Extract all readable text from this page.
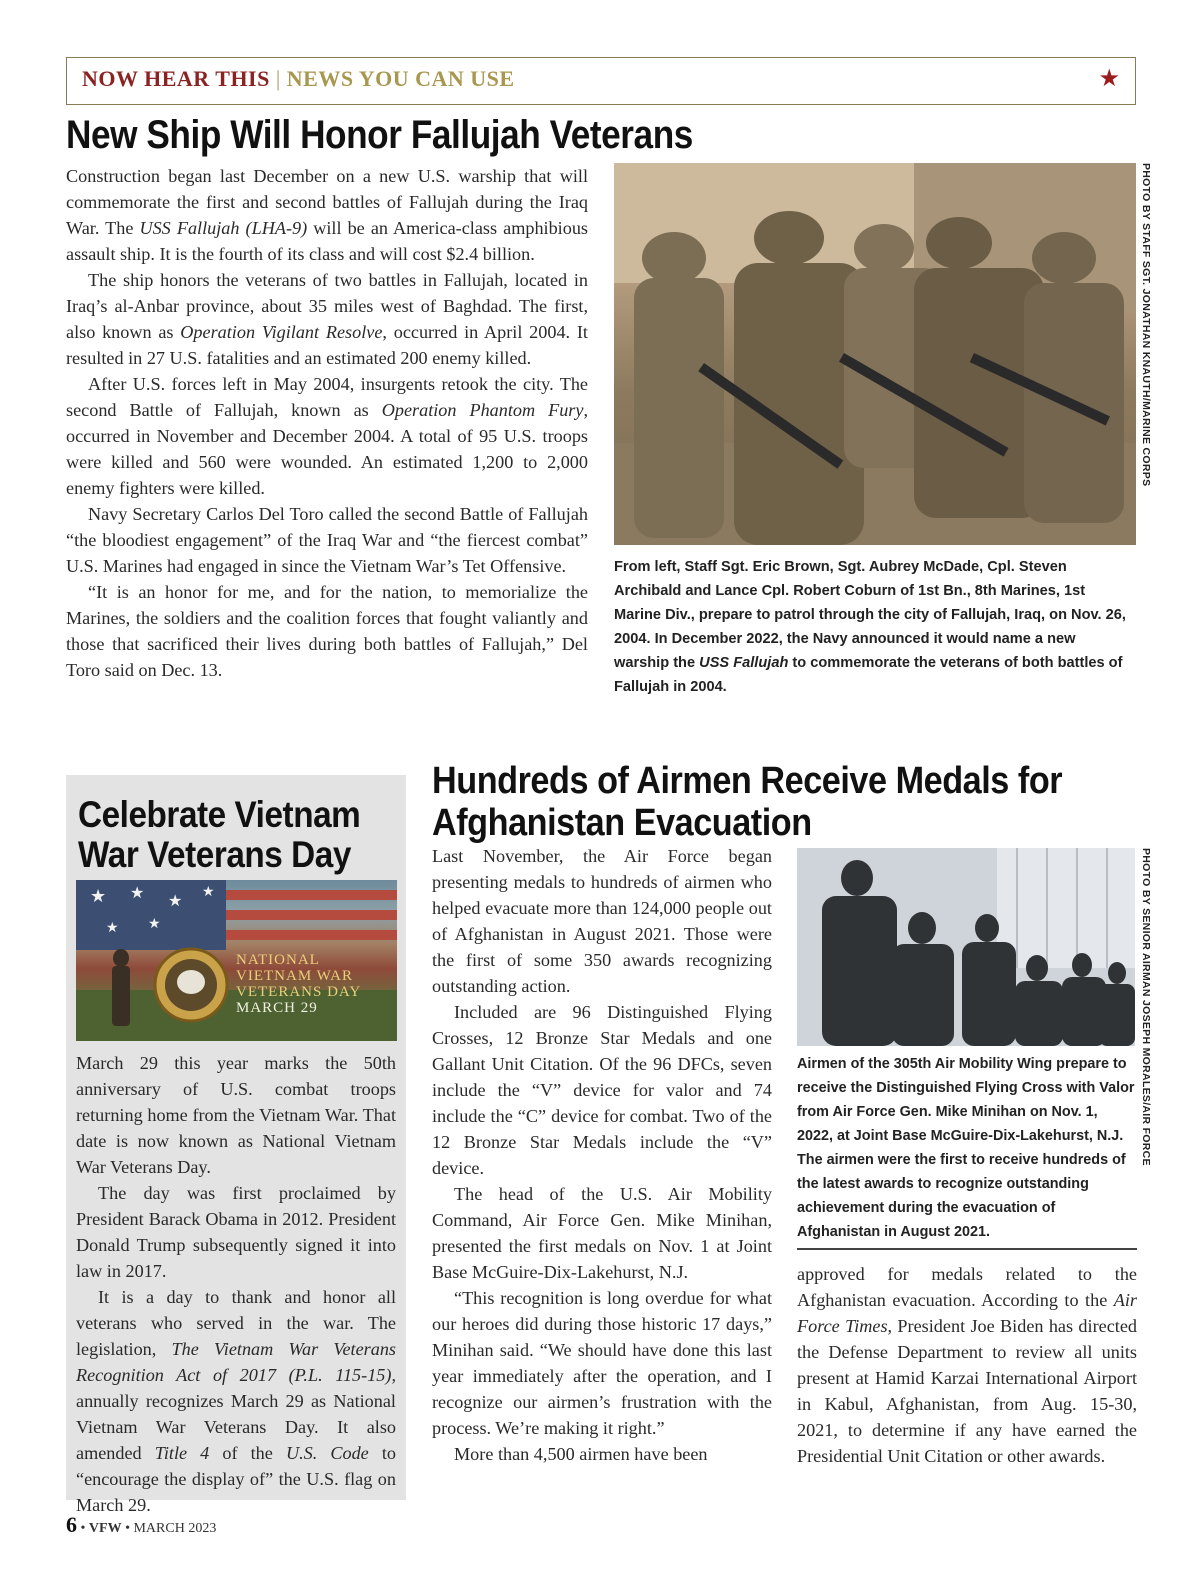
NOW HEAR THIS | NEWS YOU CAN USE	★
New Ship Will Honor Fallujah Veterans

Construction began last December on a new U.S. warship that will commemorate the first and second battles of Fallujah during the Iraq War. The USS Fallujah (LHA-9) will be an America-class amphibious assault ship. It is the fourth of its class and will cost $2.4 billion.

The ship honors the veterans of two battles in Fallujah, located in Iraq’s al-Anbar province, about 35 miles west of Baghdad. The first, also known as Operation Vigilant Resolve, occurred in April 2004. It resulted in 27 U.S. fatalities and an estimated 200 enemy killed.

After U.S. forces left in May 2004, insurgents retook the city. The second Battle of Fallujah, known as Operation Phantom Fury, occurred in November and December 2004. A total of 95 U.S. troops were killed and 560 were wounded. An estimated 1,200 to 2,000 enemy fighters were killed.

Navy Secretary Carlos Del Toro called the second Battle of Fallujah “the bloodiest engagement” of the Iraq War and “the fiercest combat” U.S. Marines had engaged in since the Vietnam War’s Tet Offensive.

“It is an honor for me, and for the nation, to memorialize the Marines, the soldiers and the coalition forces that fought valiantly and those that sacrificed their lives during both battles of Fallujah,” Del Toro said on Dec. 13.

PHOTO BY STAFF SGT. JONATHAN KNAUTH/MARINE CORPS
From left, Staff Sgt. Eric Brown, Sgt. Aubrey McDade, Cpl. Steven Archibald and Lance Cpl. Robert Coburn of 1st Bn., 8th Marines, 1st Marine Div., prepare to patrol through the city of Fallujah, Iraq, on Nov. 26, 2004. In December 2022, the Navy announced it would name a new warship the USS Fallujah to commemorate the veterans of both battles of Fallujah in 2004.
Celebrate Vietnam War Veterans Day
★ ★ ★ ★
★ ★
NATIONAL
VIETNAM WAR
VETERANS DAY
MARCH 29

March 29 this year marks the 50th anniversary of U.S. combat troops returning home from the Vietnam War. That date is now known as National Vietnam War Veterans Day.

The day was first proclaimed by President Barack Obama in 2012. President Donald Trump subsequently signed it into law in 2017.

It is a day to thank and honor all veterans who served in the war. The legislation, The Vietnam War Veterans Recognition Act of 2017 (P.L. 115-15), annually recognizes March 29 as National Vietnam War Veterans Day. It also amended Title 4 of the U.S. Code to “encourage the display of” the U.S. flag on March 29.

Hundreds of Airmen Receive Medals for
Afghanistan Evacuation

Last November, the Air Force began presenting medals to hundreds of airmen who helped evacuate more than 124,000 people out of Afghanistan in August 2021. Those were the first of some 350 awards recognizing outstanding action.

Included are 96 Distinguished Flying Crosses, 12 Bronze Star Medals and one Gallant Unit Citation. Of the 96 DFCs, seven include the “V” device for valor and 74 include the “C” device for combat. Two of the 12 Bronze Star Medals include the “V” device.

The head of the U.S. Air Mobility Command, Air Force Gen. Mike Minihan, presented the first medals on Nov. 1 at Joint Base McGuire-Dix-Lakehurst, N.J.

“This recognition is long overdue for what our heroes did during those historic 17 days,” Minihan said. “We should have done this last year immediately after the operation, and I recognize our airmen’s frustration with the process. We’re making it right.”

More than 4,500 airmen have been

PHOTO BY SENIOR AIRMAN JOSEPH MORALES/AIR FORCE
Airmen of the 305th Air Mobility Wing prepare to receive the Distinguished Flying Cross with Valor from Air Force Gen. Mike Minihan on Nov. 1, 2022, at Joint Base McGuire-Dix-Lakehurst, N.J. The airmen were the first to receive hundreds of the latest awards to recognize outstanding achievement during the evacuation of Afghanistan in August 2021.

approved for medals related to the Afghanistan evacuation. According to the Air Force Times, President Joe Biden has directed the Defense Department to review all units present at Hamid Karzai International Airport in Kabul, Afghanistan, from Aug. 15-30, 2021, to determine if any have earned the Presidential Unit Citation or other awards.

6 • VFW • MARCH 2023
